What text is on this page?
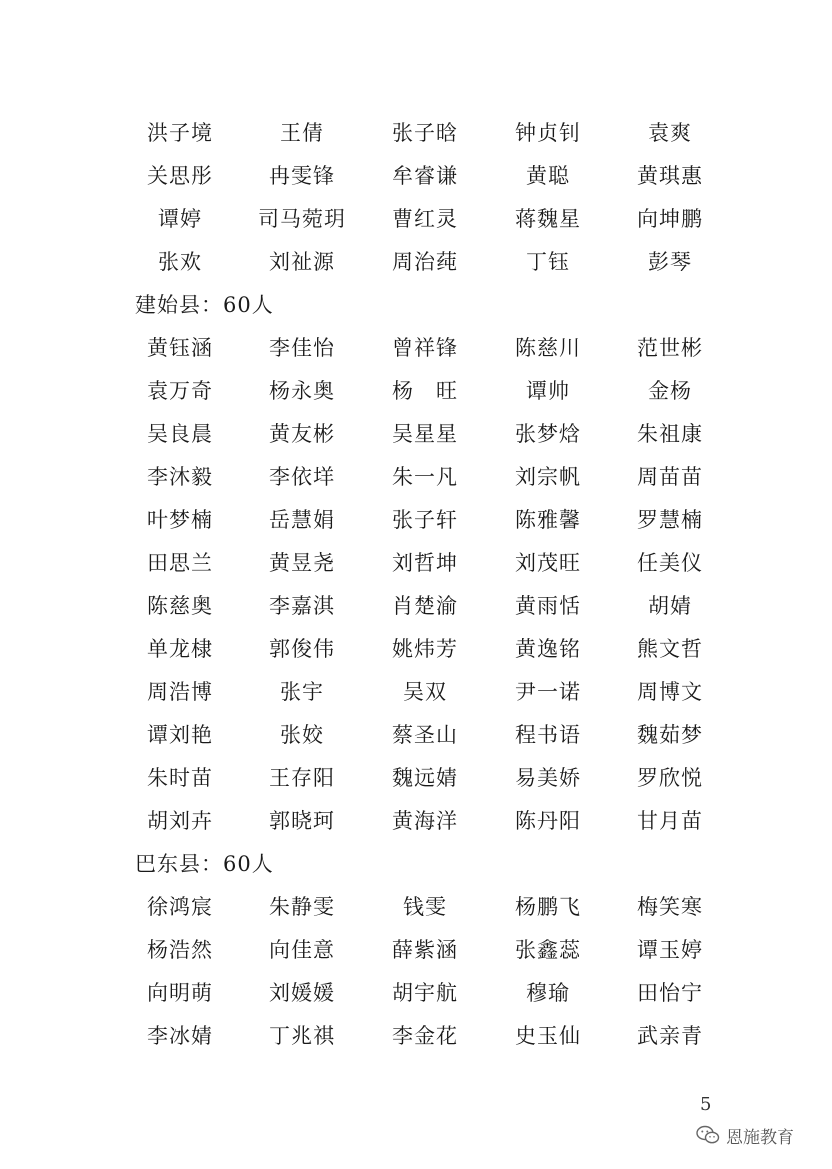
洪子境	王倩	张子晗	钟贞钊	袁爽
关思彤	冉雯锋	牟睿谦	黄聪	黄琪惠
谭婷	司马菀玥	曹红灵	蒋魏星	向坤鹏
张欢	刘祉源	周治莼	丁钰	彭琴
建始县：60人
黄钰涵	李佳怡	曾祥锋	陈慈川	范世彬
袁万奇	杨永奥	杨　旺	谭帅	金杨
吴良晨	黄友彬	吴星星	张梦焓	朱祖康
李沐毅	李依垟	朱一凡	刘宗帆	周苗苗
叶梦楠	岳慧娟	张子轩	陈雅馨	罗慧楠
田思兰	黄昱尧	刘哲坤	刘茂旺	任美仪
陈慈奥	李嘉淇	肖楚渝	黄雨恬	胡婧
单龙棣	郭俊伟	姚炜芳	黄逸铭	熊文哲
周浩博	张宇	吴双	尹一诺	周博文
谭刘艳	张姣	蔡圣山	程书语	魏茹梦
朱时苗	王存阳	魏远婧	易美娇	罗欣悦
胡刘卉	郭晓珂	黄海洋	陈丹阳	甘月苗
巴东县：60人
徐鸿宸	朱静雯	钱雯	杨鹏飞	梅笑寒
杨浩然	向佳意	薛紫涵	张鑫蕊	谭玉婷
向明萌	刘媛媛	胡宇航	穆瑜	田怡宁
李冰婧	丁兆祺	李金花	史玉仙	武亲青
5
恩施教育
